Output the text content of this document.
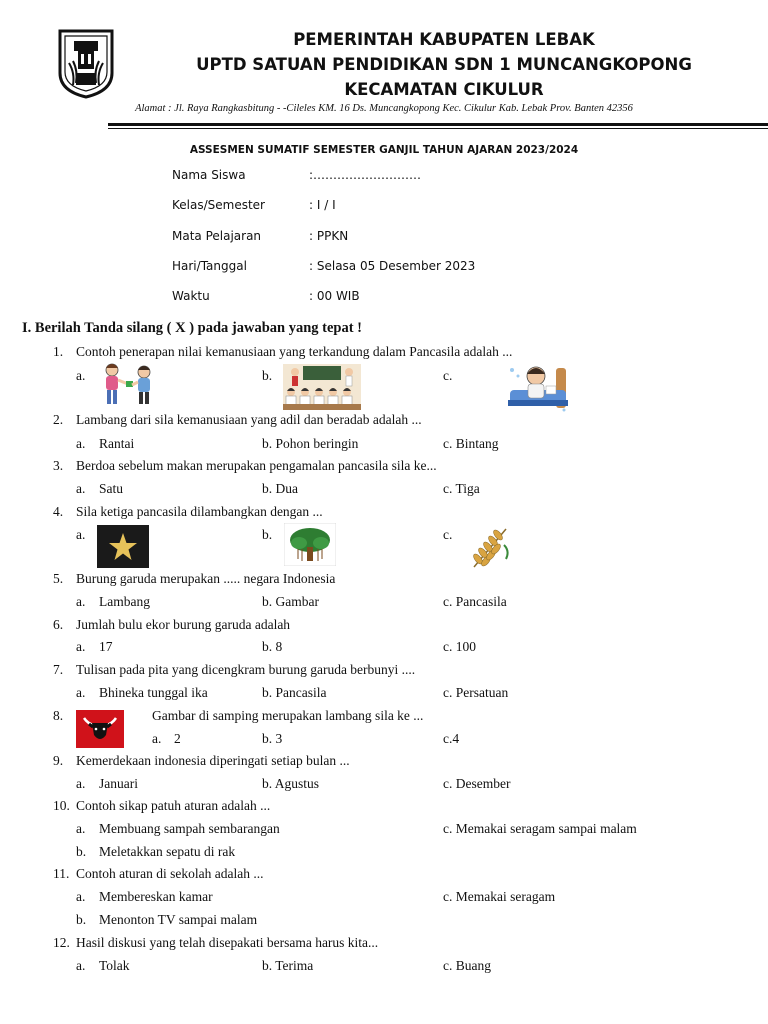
PEMERINTAH KABUPATEN LEBAK
UPTD SATUAN PENDIDIKAN SDN 1 MUNCANGKOPONG
KECAMATAN CIKULUR
Alamat : Jl. Raya Rangkasbitung - -Cileles KM. 16 Ds. Muncangkopong Kec. Cikulur Kab. Lebak Prov. Banten 42356
ASSESMEN SUMATIF SEMESTER GANJIL TAHUN AJARAN 2023/2024
Nama Siswa	:………………………
Kelas/Semester	: I / I
Mata Pelajaran	: PPKN
Hari/Tanggal	: Selasa 05 Desember 2023
Waktu	: 00 WIB
I. Berilah Tanda silang ( X ) pada jawaban yang tepat !
1. Contoh penerapan nilai kemanusiaan yang terkandung dalam Pancasila adalah ...
a.	b.	c.
2. Lambang dari sila kemanusiaan yang adil dan beradab adalah ...
a. Rantai	b. Pohon beringin	c. Bintang
3. Berdoa sebelum makan merupakan pengamalan pancasila sila ke...
a. Satu	b. Dua	c. Tiga
4. Sila ketiga pancasila dilambangkan dengan ...
a.	b.	c.
5. Burung garuda merupakan ..... negara Indonesia
a. Lambang	b. Gambar	c. Pancasila
6. Jumlah bulu ekor burung garuda adalah
a. 17	b. 8	c. 100
7. Tulisan pada pita yang dicengkram burung garuda berbunyi ....
a. Bhineka tunggal ika	b. Pancasila	c. Persatuan
8.	Gambar di samping merupakan lambang sila ke ...
a. 2	b. 3	c.4
9. Kemerdekaan indonesia diperingati setiap bulan ...
a. Januari	b. Agustus	c. Desember
10. Contoh sikap patuh aturan adalah ...
a. Membuang sampah sembarangan	c. Memakai seragam sampai malam
b. Meletakkan sepatu di rak
11. Contoh aturan di sekolah adalah ...
a. Membereskan kamar	c. Memakai seragam
b. Menonton TV sampai malam
12. Hasil diskusi yang telah disepakati bersama harus kita...
a. Tolak	b. Terima	c. Buang
